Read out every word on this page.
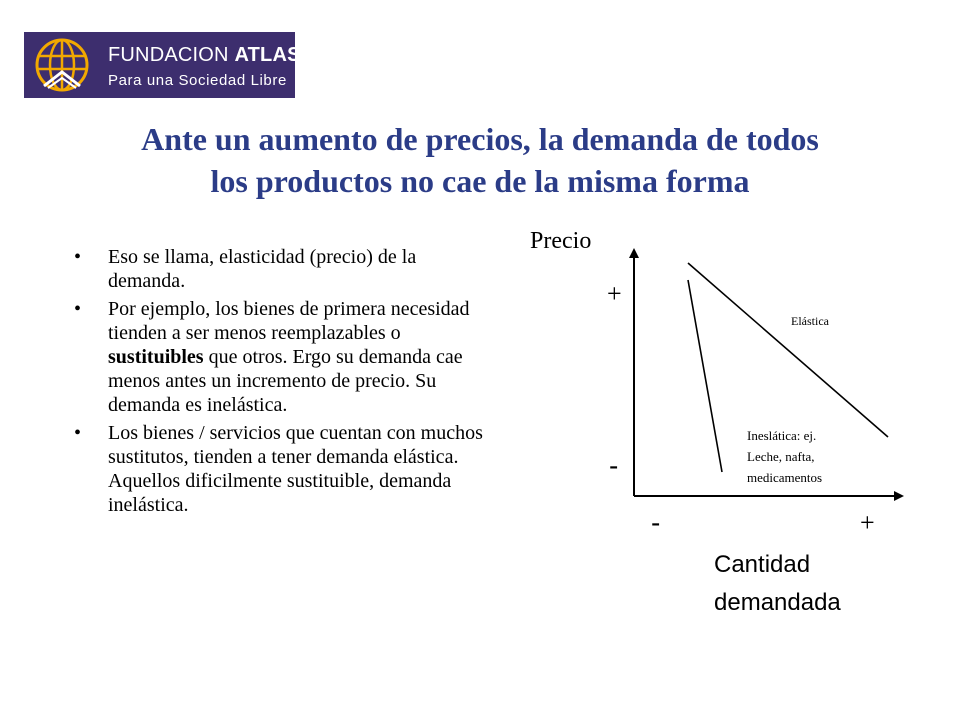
FUNDACION ATLAS
Para una Sociedad Libre
Ante un aumento de precios, la demanda de todos
los productos no cae de la misma forma
• Eso se llama, elasticidad (precio) de la demanda.
• Por ejemplo, los bienes de primera necesidad tienden a ser menos reemplazables o sustituibles que otros. Ergo su demanda cae menos antes un incremento de precio. Su demanda es inelástica.
• Los bienes / servicios que cuentan con muchos sustitutos, tienden a tener demanda elástica. Aquellos dificilmente sustituible, demanda inelástica.
Precio
+
-
-	+
Elástica
Ineslática: ej.
Leche, nafta,
medicamentos
Cantidad
demandada
